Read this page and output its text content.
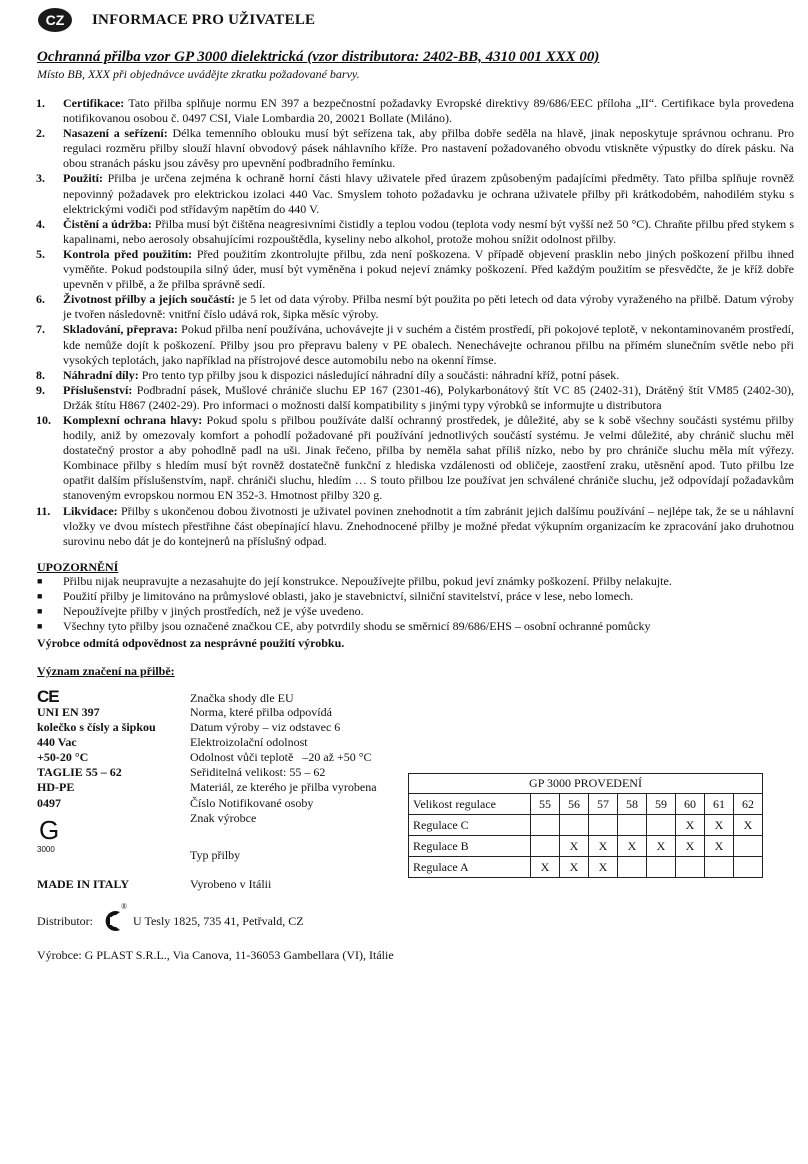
CZ	INFORMACE PRO UŽIVATELE
Ochranná přilba vzor GP 3000 dielektrická (vzor distributora: 2402-BB, 4310 001 XXX 00)
Místo BB, XXX při objednávce uvádějte zkratku požadované barvy.
1.	Certifikace: Tato přilba splňuje normu EN 397 a bezpečnostní požadavky Evropské direktivy 89/686/EEC příloha „II“. Certifikace byla provedena notifikovanou osobou č. 0497 CSI, Viale Lombardia 20, 20021 Bollate (Miláno).
2.	Nasazení a seřízení: Délka temenního oblouku musí být seřízena tak, aby přilba dobře seděla na hlavě, jinak neposkytuje správnou ochranu. Pro regulaci rozměru přilby slouží hlavní obvodový pásek náhlavního kříže. Pro nastavení požadovaného obvodu vtiskněte výpustky do dírek pásku. Na obou stranách pásku jsou závěsy pro upevnění podbradního řemínku.
3.	Použití: Přilba je určena zejména k ochraně horní části hlavy uživatele před úrazem způsobeným padajícími předměty. Tato přilba splňuje rovněž nepovinný požadavek pro elektrickou izolaci 440 Vac. Smyslem tohoto požadavku je ochrana uživatele přilby při krátkodobém, nahodilém styku s elektrickými vodiči pod střídavým napětím do 440 V.
4.	Čistění a údržba: Přilba musí být čištěna neagresivními čistidly a teplou vodou (teplota vody nesmí být vyšší než 50 °C). Chraňte přilbu před stykem s kapalinami, nebo aerosoly obsahujícími rozpouštědla, kyseliny nebo alkohol, protože mohou snížit odolnost přilby.
5.	Kontrola před použitím: Před použitím zkontrolujte přilbu, zda není poškozena. V případě objevení prasklin nebo jiných poškození přilbu ihned vyměňte. Pokud podstoupila silný úder, musí být vyměněna i pokud nejeví známky poškození. Před každým použitím se přesvědčte, že je kříž dobře upevněn v přilbě, a že přilba správně sedí.
6.	Životnost přilby a jejích součástí: je 5 let od data výroby. Přilba nesmí být použita po pěti letech od data výroby vyraženého na přilbě. Datum výroby je tvořen následovně: vnitřní číslo udává rok, šipka měsíc výroby.
7.	Skladování, přeprava: Pokud přilba není používána, uchovávejte ji v suchém a čistém prostředí, při pokojové teplotě, v nekontaminovaném prostředí, kde nemůže dojít k poškození. Přilby jsou pro přepravu baleny v PE obalech. Nenechávejte ochranou přilbu na přímém slunečním světle nebo při vysokých teplotách, jako například na přístrojové desce automobilu nebo na okenní římse.
8.	Náhradní díly: Pro tento typ přilby jsou k dispozici následující náhradní díly a součásti: náhradní kříž, potní pásek.
9.	Příslušenství: Podbradní pásek, Mušlové chrániče sluchu EP 167 (2301-46), Polykarbonátový štít VC 85 (2402-31), Drátěný štít VM85 (2402-30), Držák štítu H867 (2402-29). Pro informaci o možnosti další kompatibility s jinými typy výrobků se informujte u distributora
10.	Komplexní ochrana hlavy: Pokud spolu s přilbou používáte další ochranný prostředek, je důležité, aby se k sobě všechny součásti systému přilby hodily, aniž by omezovaly komfort a pohodlí požadované při používání jednotlivých součástí systému. Je velmi důležité, aby chránič sluchu měl dostatečný prostor a aby pohodlně padl na uši. Jinak řečeno, přilba by neměla sahat příliš nízko, nebo by pro chrániče sluchu měla mít výřezy. Kombinace přilby s hledím musí být rovněž dostatečně funkční z hlediska vzdálenosti od obličeje, zaostření zraku, utěsnění apod. Tuto přilbu lze opatřit dalším příslušenstvím, např. chrániči sluchu, hledím … S touto přilbou lze používat jen schválené chrániče sluchu, jež odpovídají požadavkům stanoveným evropskou normou EN 352-3. Hmotnost přilby 320 g.
11.	Likvidace: Přilby s ukončenou dobou životnosti je uživatel povinen znehodnotit a tím zabránit jejich dalšímu používání – nejlépe tak, že se u náhlavní vložky ve dvou místech přestřihne část obepínající hlavu. Znehodnocené přilby je možné předat výkupním organizacím ke zpracování jako druhotnou surovinu nebo dát je do kontejnerů na příslušný odpad.
UPOZORNĚNÍ
■	Přilbu nijak neupravujte a nezasahujte do její konstrukce. Nepoužívejte přilbu, pokud jeví známky poškození. Přilby nelakujte.
■	Použití přilby je limitováno na průmyslové oblasti, jako je stavebnictví, silniční stavitelství, práce v lese, nebo lomech.
■	Nepoužívejte přilby v jiných prostředích, než je výše uvedeno.
■	Všechny tyto přilby jsou označené značkou CE, aby potvrdily shodu se směrnicí 89/686/EHS – osobní ochranné pomůcky
Výrobce odmítá odpovědnost za nesprávné použití výrobku.
Význam značení na přilbě:
CE	Značka shody dle EU
UNI EN 397	Norma, které přilba odpovídá
kolečko s čísly a šipkou	Datum výroby – viz odstavec 6
440 Vac	Elektroizolační odolnost
+50-20 °C	Odolnost vůči teplotě   –20 až +50 °C
TAGLIE 55 – 62	Seřiditelná velikost: 55 – 62
HD-PE	Materiál, ze kterého je přilba vyrobena
0497	Číslo Notifikované osoby
Znak výrobce
Typ přilby
MADE IN ITALY	Vyrobeno v Itálii
G
3000
GP 3000 PROVEDENÍ								
Velikost regulace	55	56	57	58	59	60	61	62
Regulace C						X	X	X
Regulace B		X	X	X	X	X	X	
Regulace A	X	X	X					
Distributor:
®
U Tesly 1825, 735 41, Petřvald, CZ
Výrobce: G PLAST S.R.L., Via Canova, 11-36053 Gambellara (VI), Itálie
